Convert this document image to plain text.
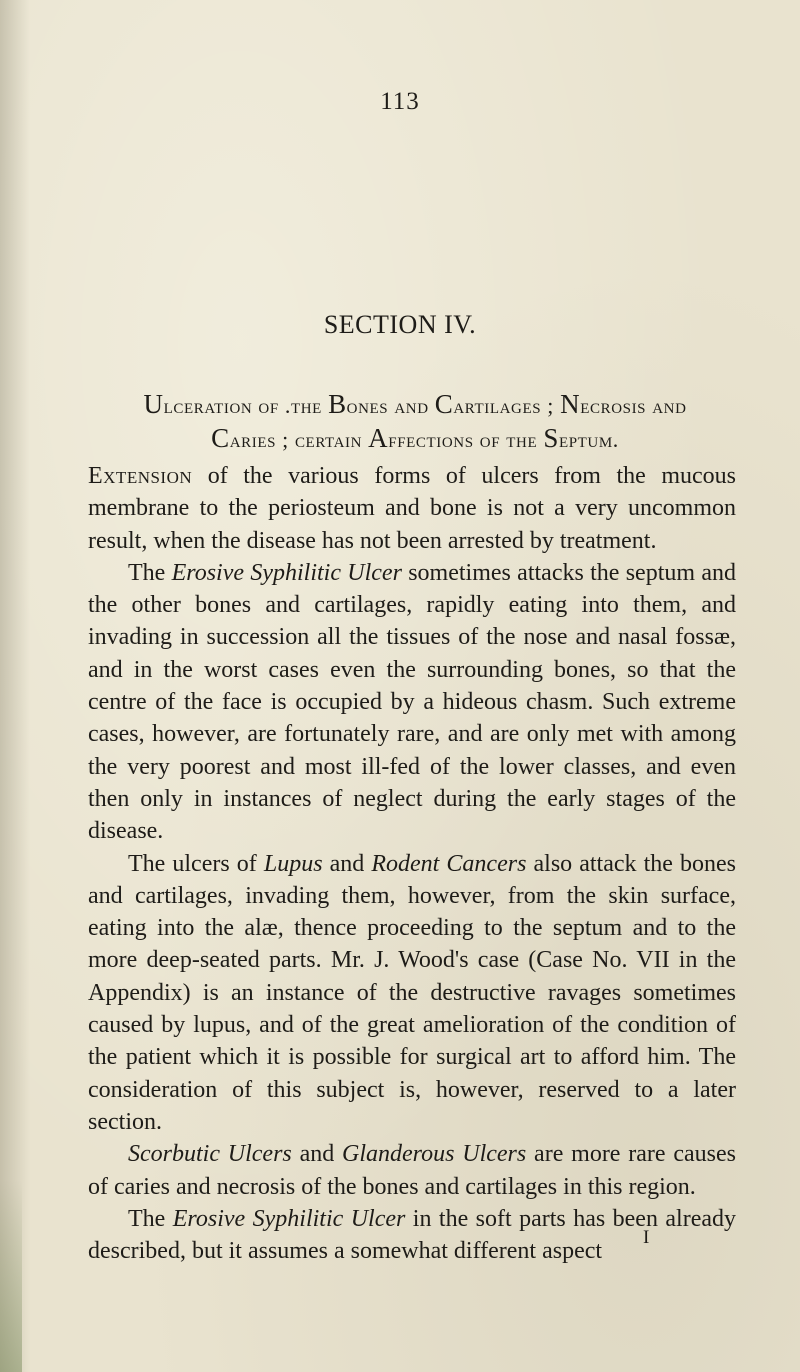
113
SECTION IV.
Ulceration of .the Bones and Cartilages ; Necrosis and
Caries ; certain Affections of the Septum.

Extension of the various forms of ulcers from the mucous membrane to the periosteum and bone is not a very uncommon result, when the disease has not been arrested by treatment.

The Erosive Syphilitic Ulcer sometimes attacks the septum and the other bones and cartilages, rapidly eating into them, and invading in succession all the tissues of the nose and nasal fossæ, and in the worst cases even the surrounding bones, so that the centre of the face is occupied by a hideous chasm. Such extreme cases, however, are fortunately rare, and are only met with among the very poorest and most ill-fed of the lower classes, and even then only in instances of neglect during the early stages of the disease.

The ulcers of Lupus and Rodent Cancers also attack the bones and cartilages, invading them, however, from the skin surface, eating into the alæ, thence proceeding to the septum and to the more deep-seated parts. Mr. J. Wood's case (Case No. VII in the Appendix) is an instance of the destructive ravages sometimes caused by lupus, and of the great amelioration of the condition of the patient which it is possible for surgical art to afford him. The consideration of this subject is, however, reserved to a later section.

Scorbutic Ulcers and Glanderous Ulcers are more rare causes of caries and necrosis of the bones and cartilages in this region.

The Erosive Syphilitic Ulcer in the soft parts has been already described, but it assumes a somewhat different aspect

I
